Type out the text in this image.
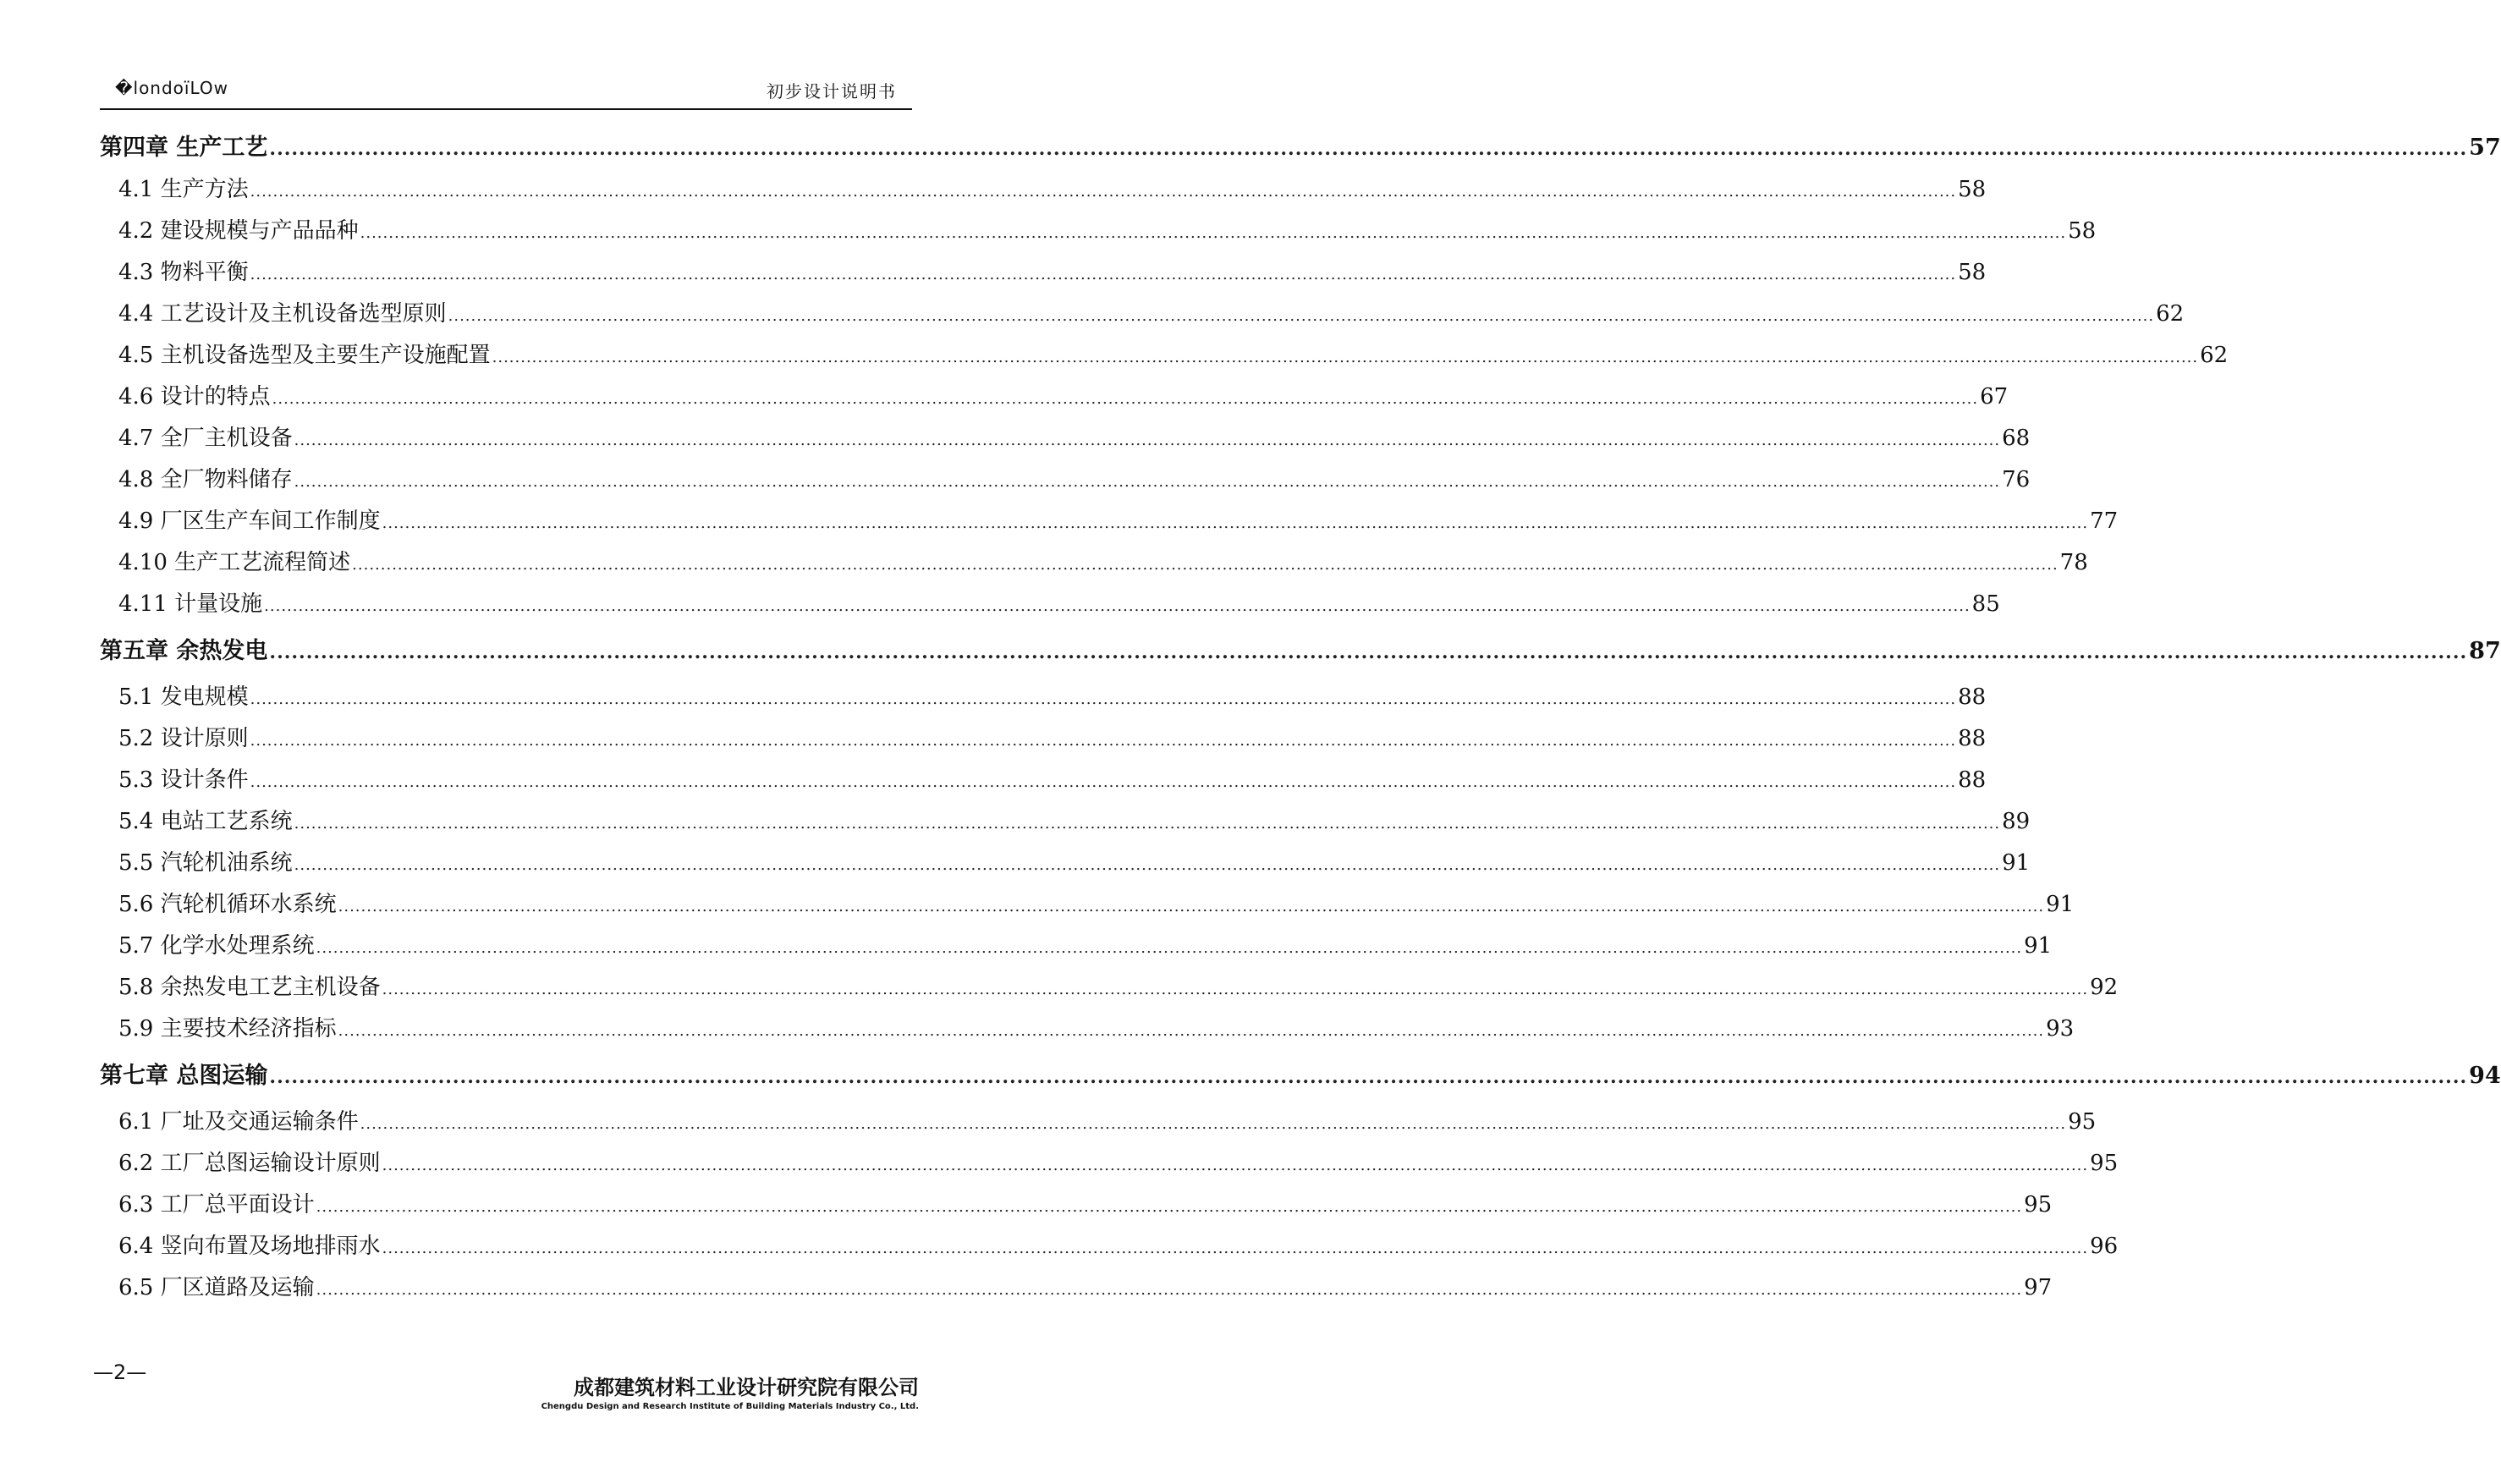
�londoïLOw	初步设计说明书
第四章 生产工艺 ............................................................................................................................................................................................................................................................................................................ 57
4.1 生产方法 ............................................................................................................................................................................................................................................................................................................ 58
4.2 建设规模与产品品种 ............................................................................................................................................................................................................................................................................................................ 58
4.3 物料平衡 ............................................................................................................................................................................................................................................................................................................ 58
4.4 工艺设计及主机设备选型原则 ............................................................................................................................................................................................................................................................................................................ 62
4.5 主机设备选型及主要生产设施配置 ............................................................................................................................................................................................................................................................................................................ 62
4.6 设计的特点 ............................................................................................................................................................................................................................................................................................................ 67
4.7 全厂主机设备 ............................................................................................................................................................................................................................................................................................................ 68
4.8 全厂物料储存 ............................................................................................................................................................................................................................................................................................................ 76
4.9 厂区生产车间工作制度 ............................................................................................................................................................................................................................................................................................................ 77
4.10 生产工艺流程简述 ............................................................................................................................................................................................................................................................................................................ 78
4.11 计量设施 ............................................................................................................................................................................................................................................................................................................ 85
第五章 余热发电 ............................................................................................................................................................................................................................................................................................................ 87
5.1 发电规模 ............................................................................................................................................................................................................................................................................................................ 88
5.2 设计原则 ............................................................................................................................................................................................................................................................................................................ 88
5.3 设计条件 ............................................................................................................................................................................................................................................................................................................ 88
5.4 电站工艺系统 ............................................................................................................................................................................................................................................................................................................ 89
5.5 汽轮机油系统 ............................................................................................................................................................................................................................................................................................................ 91
5.6 汽轮机循环水系统 ............................................................................................................................................................................................................................................................................................................ 91
5.7 化学水处理系统 ............................................................................................................................................................................................................................................................................................................ 91
5.8 余热发电工艺主机设备 ............................................................................................................................................................................................................................................................................................................ 92
5.9 主要技术经济指标 ............................................................................................................................................................................................................................................................................................................ 93
第七章 总图运输 ............................................................................................................................................................................................................................................................................................................ 94
6.1 厂址及交通运输条件 ............................................................................................................................................................................................................................................................................................................ 95
6.2 工厂总图运输设计原则 ............................................................................................................................................................................................................................................................................................................ 95
6.3 工厂总平面设计 ............................................................................................................................................................................................................................................................................................................ 95
6.4 竖向布置及场地排雨水 ............................................................................................................................................................................................................................................................................................................ 96
6.5 厂区道路及运输 ............................................................................................................................................................................................................................................................................................................ 97
—2—
成都建筑材料工业设计研究院有限公司
Chengdu Design and Research Institute of Building Materials Industry Co., Ltd.
